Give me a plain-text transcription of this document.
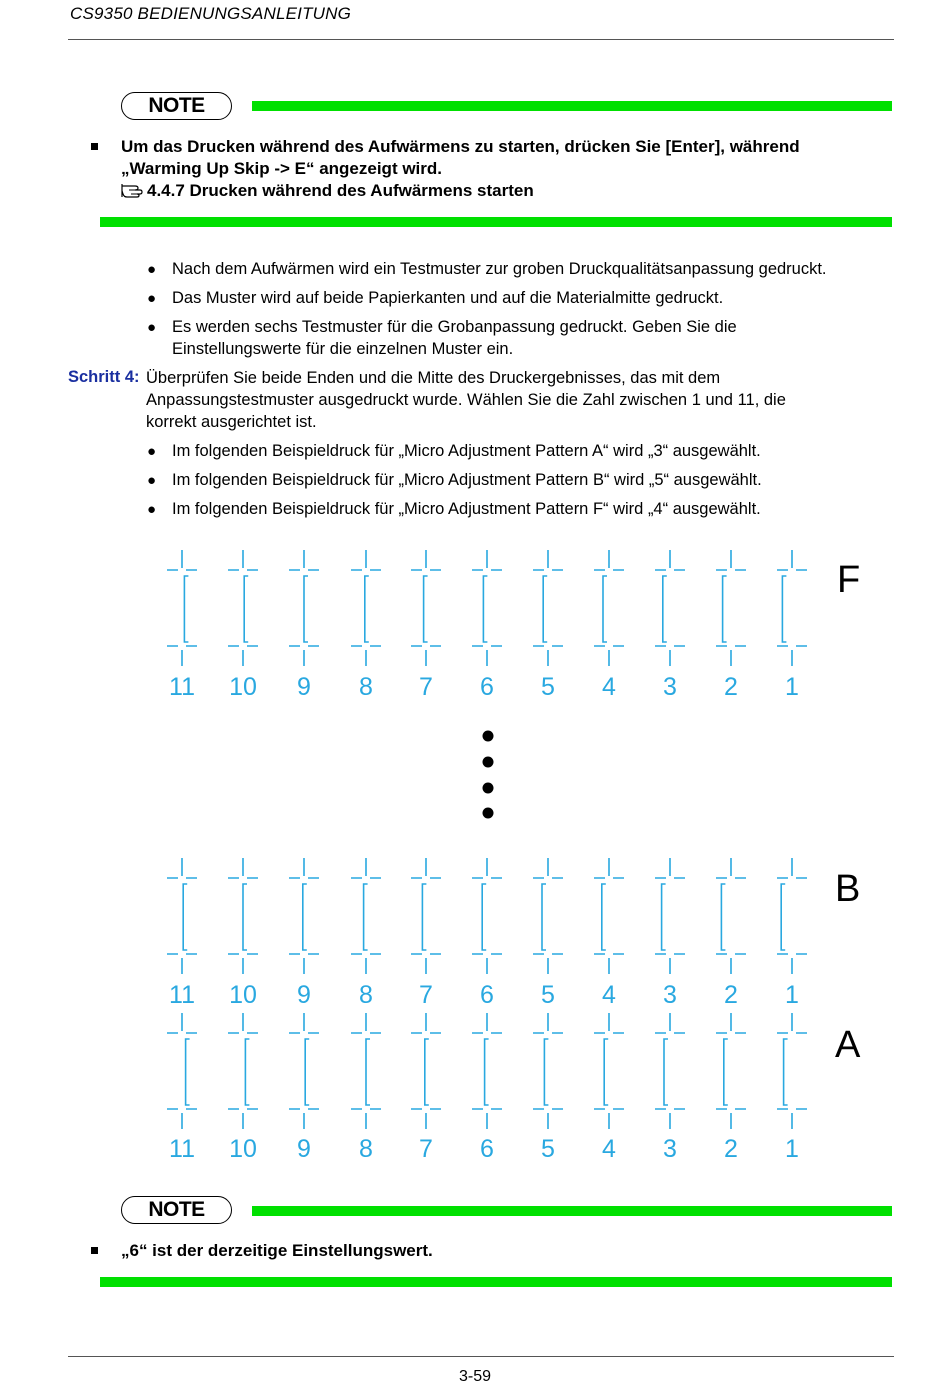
CS9350 BEDIENUNGSANLEITUNG
NOTE
Um das Drucken während des Aufwärmens zu starten, drücken Sie [Enter], während
„Warming Up Skip -> E“ angezeigt wird.
4.4.7 Drucken während des Aufwärmens starten
● Nach dem Aufwärmen wird ein Testmuster zur groben Druckqualitätsanpassung gedruckt.
● Das Muster wird auf beide Papierkanten und auf die Materialmitte gedruckt.
● Es werden sechs Testmuster für die Grobanpassung gedruckt. Geben Sie die
Einstellungswerte für die einzelnen Muster ein.
Schritt 4: Überprüfen Sie beide Enden und die Mitte des Druckergebnisses, das mit dem
Anpassungstestmuster ausgedruckt wurde. Wählen Sie die Zahl zwischen 1 und 11, die
korrekt ausgerichtet ist.
● Im folgenden Beispieldruck für „Micro Adjustment Pattern A“ wird „3“ ausgewählt.
● Im folgenden Beispieldruck für „Micro Adjustment Pattern B“ wird „5“ ausgewählt.
● Im folgenden Beispieldruck für „Micro Adjustment Pattern F“ wird „4“ ausgewählt.
11 10 9 8 7 6 5 4 3 2 1
F
11 10 9 8 7 6 5 4 3 2 1
B
11 10 9 8 7 6 5 4 3 2 1
A
NOTE
„6“ ist der derzeitige Einstellungswert.
3-59
